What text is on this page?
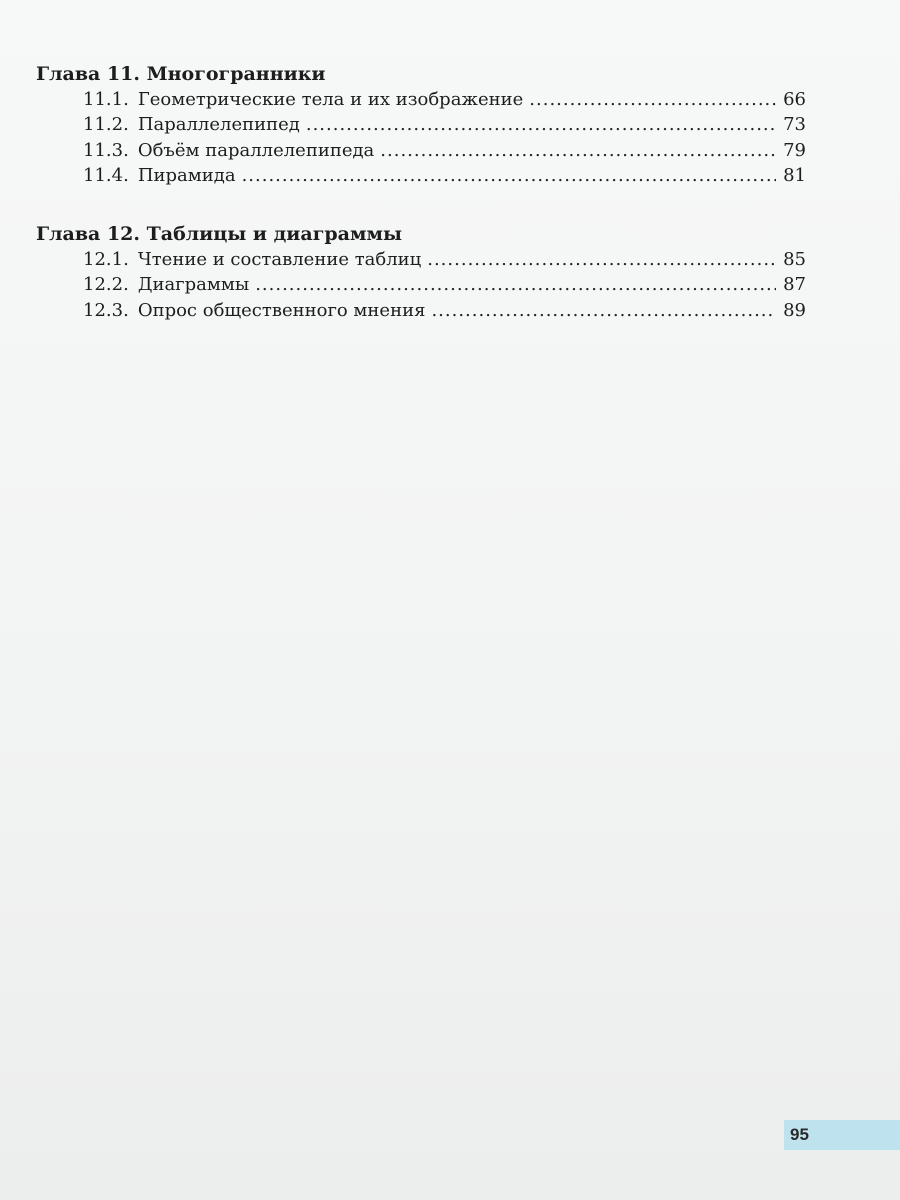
Глава 11. Многогранники
11.1. Геометрические тела и их изображение .....	66
11.2. Параллелепипед .....	73
11.3. Объём параллелепипеда .....	79
11.4. Пирамида .....	81
Глава 12. Таблицы и диаграммы
12.1. Чтение и составление таблиц .....	85
12.2. Диаграммы .....	87
12.3. Опрос общественного мнения .....	89
95
